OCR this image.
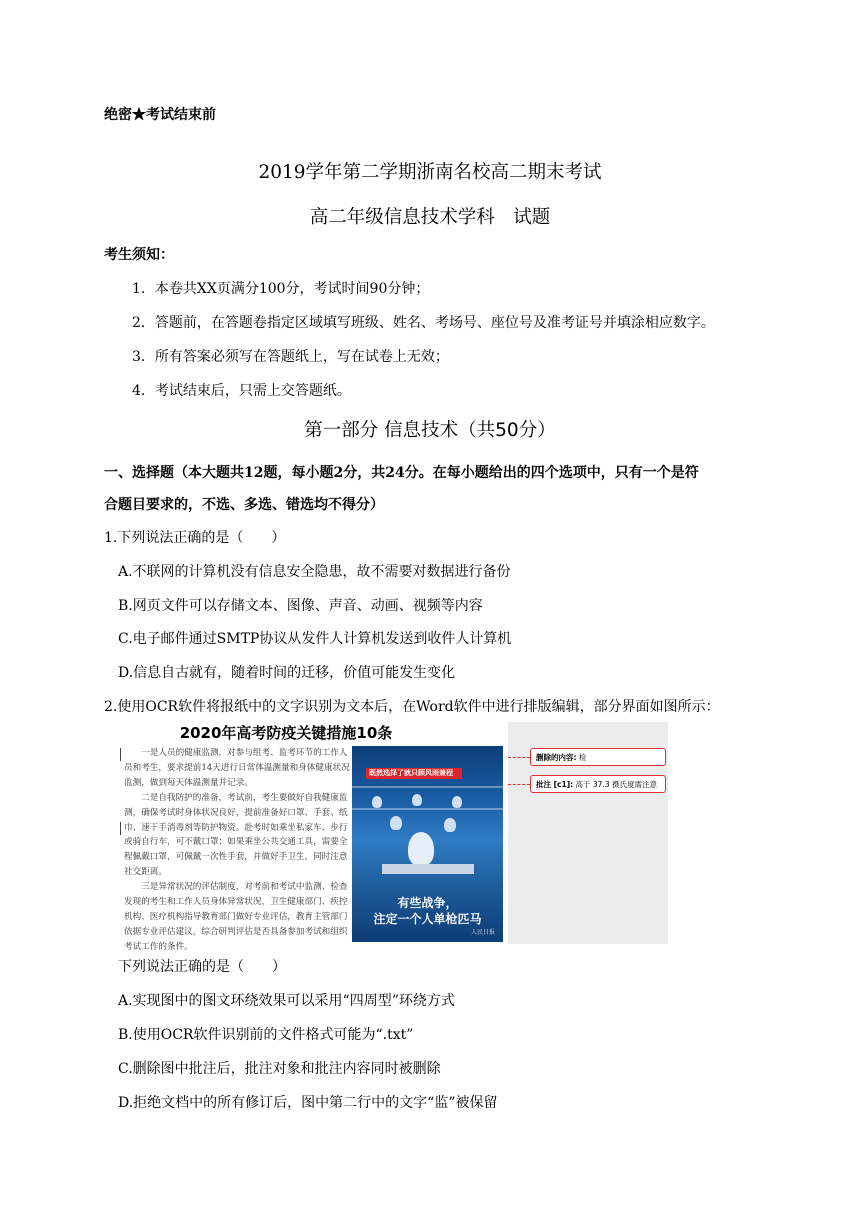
绝密★考试结束前
2019学年第二学期浙南名校高二期末考试
高二年级信息技术学科　试题
考生须知：
1．本卷共XX页满分100分，考试时间90分钟；
2．答题前，在答题卷指定区域填写班级、姓名、考场号、座位号及准考证号并填涂相应数字。
3．所有答案必须写在答题纸上，写在试卷上无效；
4．考试结束后，只需上交答题纸。
第一部分 信息技术（共50分）
一、选择题（本大题共12题，每小题2分，共24分。在每小题给出的四个选项中，只有一个是符
合题目要求的，不选、多选、错选均不得分）
1.下列说法正确的是（　　）
A.不联网的计算机没有信息安全隐患，故不需要对数据进行备份
B.网页文件可以存储文本、图像、声音、动画、视频等内容
C.电子邮件通过SMTP协议从发件人计算机发送到收件人计算机
D.信息自古就有，随着时间的迁移，价值可能发生变化
2.使用OCR软件将报纸中的文字识别为文本后，在Word软件中进行排版编辑，部分界面如图所示：
2020年高考防疫关键措施10条

一是人员的健康监测，对参与组考、监考环节的工作人员和考生，要求提前14天进行日常体温测量和身体健康状况监测，做到每天体温测量并记录。

二是自我防护的准备，考试前，考生要做好自我健康监测，确保考试时身体状况良好，提前准备好口罩、手套、纸巾、速干手消毒剂等防护物资。赴考时如乘坐私家车、步行或骑自行车，可不戴口罩；如果乘坐公共交通工具，需要全程佩戴口罩，可佩戴一次性手套，并做好手卫生，同时注意社交距离。

三是异常状况的评估制度，对考前和考试中监测、检查发现的考生和工作人员身体异常状况，卫生健康部门、疾控机构、医疗机构指导教育部门做好专业评估，教育主管部门依据专业评估建议，综合研判评估是否具备参加考试和组织考试工作的条件。

既然选择了就只顾风雨兼程
有些战争，
注定一个人单枪匹马
人民日报
删除的内容: 检
批注 [c1]: 高于 37.3 摄氏度需注意
下列说法正确的是（　　）
A.实现图中的图文环绕效果可以采用“四周型”环绕方式
B.使用OCR软件识别前的文件格式可能为“.txt”
C.删除图中批注后，批注对象和批注内容同时被删除
D.拒绝文档中的所有修订后，图中第二行中的文字“监”被保留
